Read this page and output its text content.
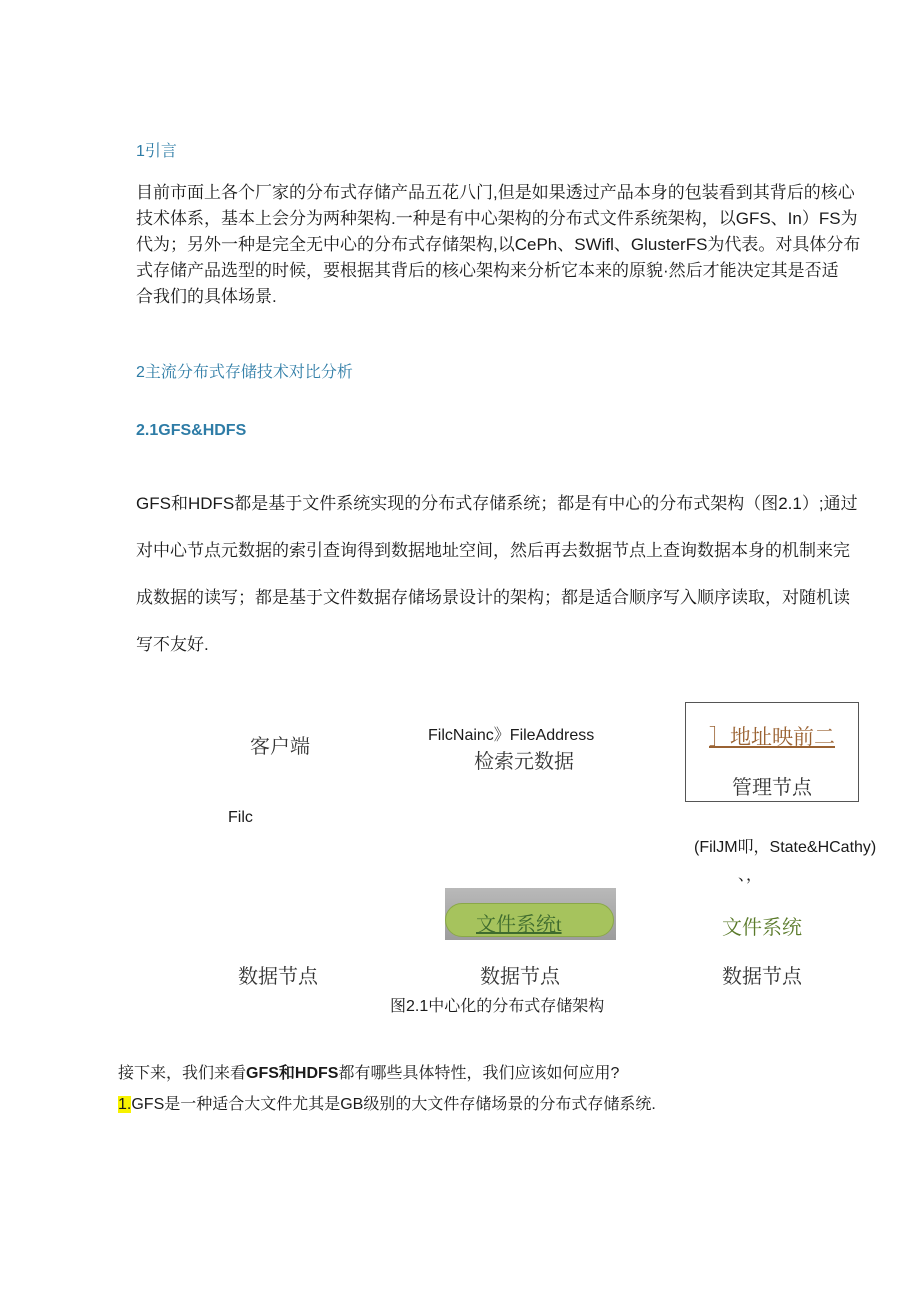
1引言
目前市面上各个厂家的分布式存储产品五花八门,但是如果透过产品本身的包装看到其背后的核心
技术体系，基本上会分为两种架构.一种是有中心架构的分布式文件系统架构，以GFS、In）FS为
代为；另外一种是完全无中心的分布式存储架构,以CePh、SWifl、GlusterFS为代表。对具体分布
式存储产品选型的时候，要根据其背后的核心架构来分析它本来的原貌·然后才能决定其是否适
合我们的具体场景.
2主流分布式存储技术对比分析
2.1GFS&HDFS
GFS和HDFS都是基于文件系统实现的分布式存储系统；都是有中心的分布式架构（图2.1）;通过
对中心节点元数据的索引查询得到数据地址空间，然后再去数据节点上查询数据本身的机制来完
成数据的读写；都是基于文件数据存储场景设计的架构；都是适合顺序写入顺序读取，对随机读
写不友好.
客户端
Filc
FilcNainc》FileAddress
检索元数据
］地址映前二
管理节点
(FilJM叩，State&HCathy)
、，
文件系统t	文件系统
数据节点	数据节点	数据节点
图2.1中心化的分布式存储架构
接下来，我们来看GFS和HDFS都有哪些具体特性，我们应该如何应用?
1.GFS是一种适合大文件尤其是GB级别的大文件存储场景的分布式存储系统.
